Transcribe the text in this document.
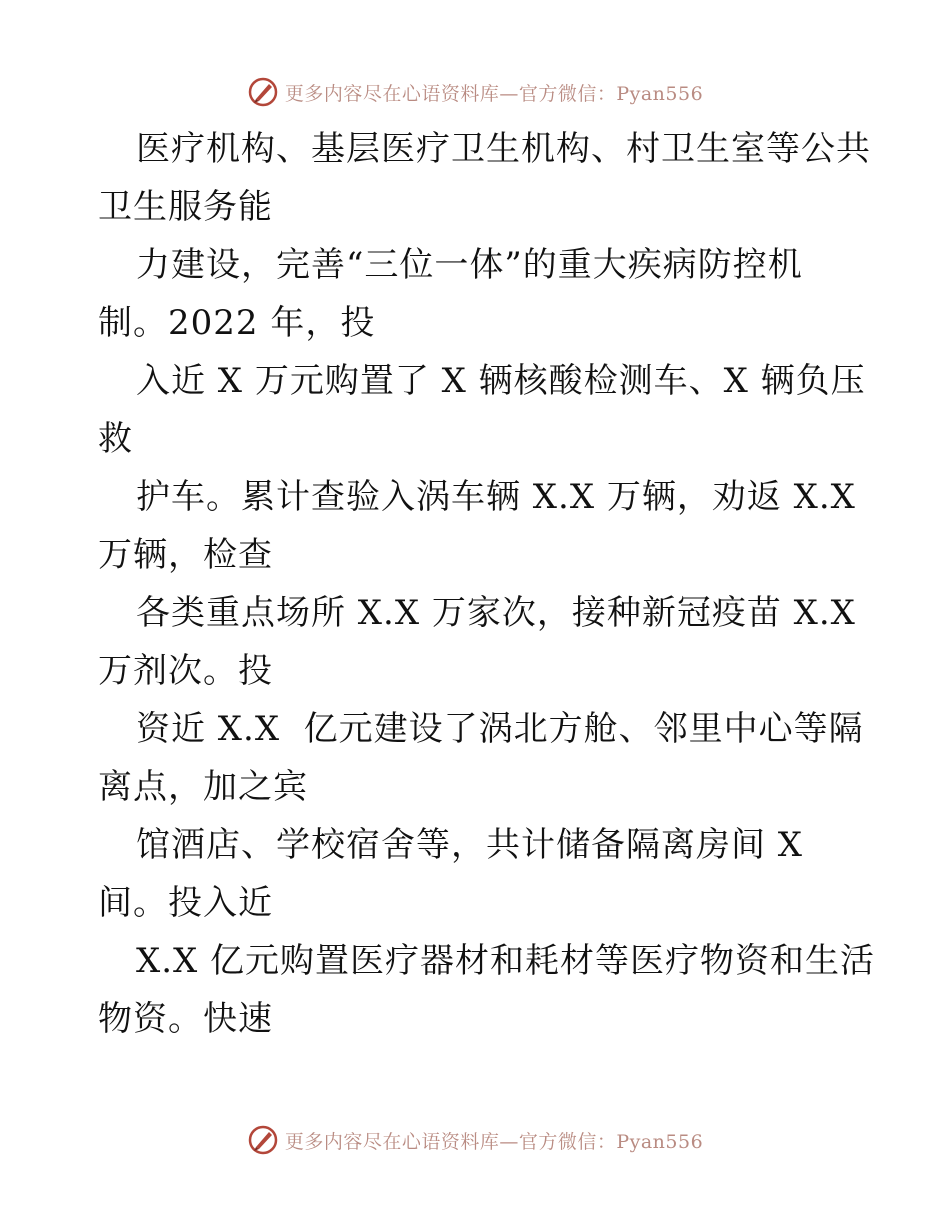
更多内容尽在心语资料库—官方微信：Pyan556
医疗机构、基层医疗卫生机构、村卫生室等公共
卫生服务能
力建设，完善“三位一体”的重大疾病防控机
制。2022 年，投
入近 X 万元购置了 X 辆核酸检测车、X 辆负压
救
护车。累计查验入涡车辆 X.X 万辆，劝返 X.X
万辆，检查
各类重点场所 X.X 万家次，接种新冠疫苗 X.X
万剂次。投
资近 X.X  亿元建设了涡北方舱、邻里中心等隔
离点，加之宾
馆酒店、学校宿舍等，共计储备隔离房间 X
间。投入近
X.X 亿元购置医疗器材和耗材等医疗物资和生活
物资。快速
更多内容尽在心语资料库—官方微信：Pyan556
